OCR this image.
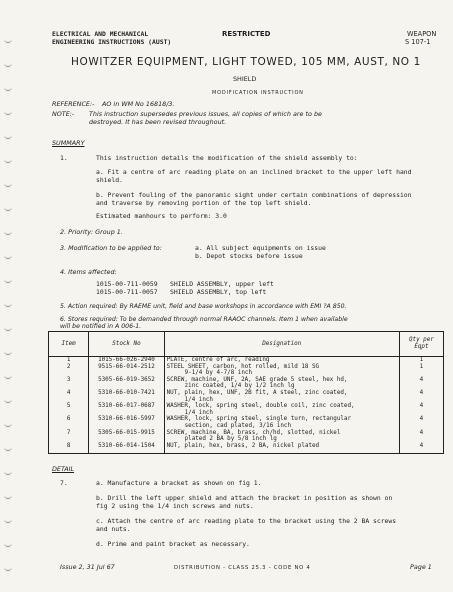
ELECTRICAL AND MECHANICAL
ENGINEERING INSTRUCTIONS (AUST)
RESTRICTED	WEAPON
S 107-1
HOWITZER EQUIPMENT, LIGHT TOWED, 105 MM, AUST, NO 1
SHIELD
MODIFICATION INSTRUCTION
REFERENCE:- AO in WM No 16818/3.
NOTE:- This instruction supersedes previous issues, all copies of which are to be
destroyed. It has been revised throughout.
SUMMARY
1.	This instruction details the modification of the shield assembly to:
a. Fit a centre of arc reading plate on an inclined bracket to the upper left hand
shield.
b. Prevent fouling of the panoramic sight under certain combinations of depression
and traverse by removing portion of the top left shield.
Estimated manhours to perform: 3.0
2. Priority: Group 1.
3. Modification to be applied to:	a. All subject equipments on issue
b. Depot stocks before issue
4. Items affected:
1015-00-711-0059 SHIELD ASSEMBLY, upper left
1015-00-711-0057 SHIELD ASSEMBLY, top left
5. Action required: By RAEME unit, field and base workshops in accordance with EMI ?A 850.
6. Stores required: To be demanded through normal RAAOC channels. Item 1 when available
will be notified in A 006-1.
Item	Stock No	Designation	Qty per
Eqpt

1	1015-66-026-2940	PLATE, centre of arc, reading	1
2	9515-66-014-2512	STEEL SHEET, carbon, hot rolled, mild 18 SG
9-1/4 by 4-7/8 inch	1
3	5305-66-019-3652	SCREW, machine, UNF, 2A, SAE grade 5 steel, hex hd,
zinc coated, 1/4 by 1/2 inch lg	4
4	5310-66-010-7421	NUT, plain, hex, UNF, 2B fit, A steel, zinc coated,
1/4 inch	4
5	5310-66-017-0687	WASHER, lock, spring steel, double coil, zinc coated,
1/4 inch	4
6	5310-66-016-5997	WASHER, lock, spring steel, single turn, rectangular
section, cad plated, 3/16 inch	4
7	5305-66-015-9915	SCREW, machine, BA, brass, ch/hd, slotted, nickel
plated 2 BA by 5/8 inch lg	4
8	5310-66-014-1504	NUT, plain, hex, brass, 2 BA, nickel plated	4
DETAIL
7.	a. Manufacture a bracket as shown on fig 1.
b. Drill the left upper shield and attach the bracket in position as shown on
fig 2 using the 1/4 inch screws and nuts.
c. Attach the centre of arc reading plate to the bracket using the 2 BA screws
and nuts.
d. Prime and paint bracket as necessary.
Issue 2, 31 Jul 67	DISTRIBUTION - CLASS 25.3 - CODE NO 4	Page 1
